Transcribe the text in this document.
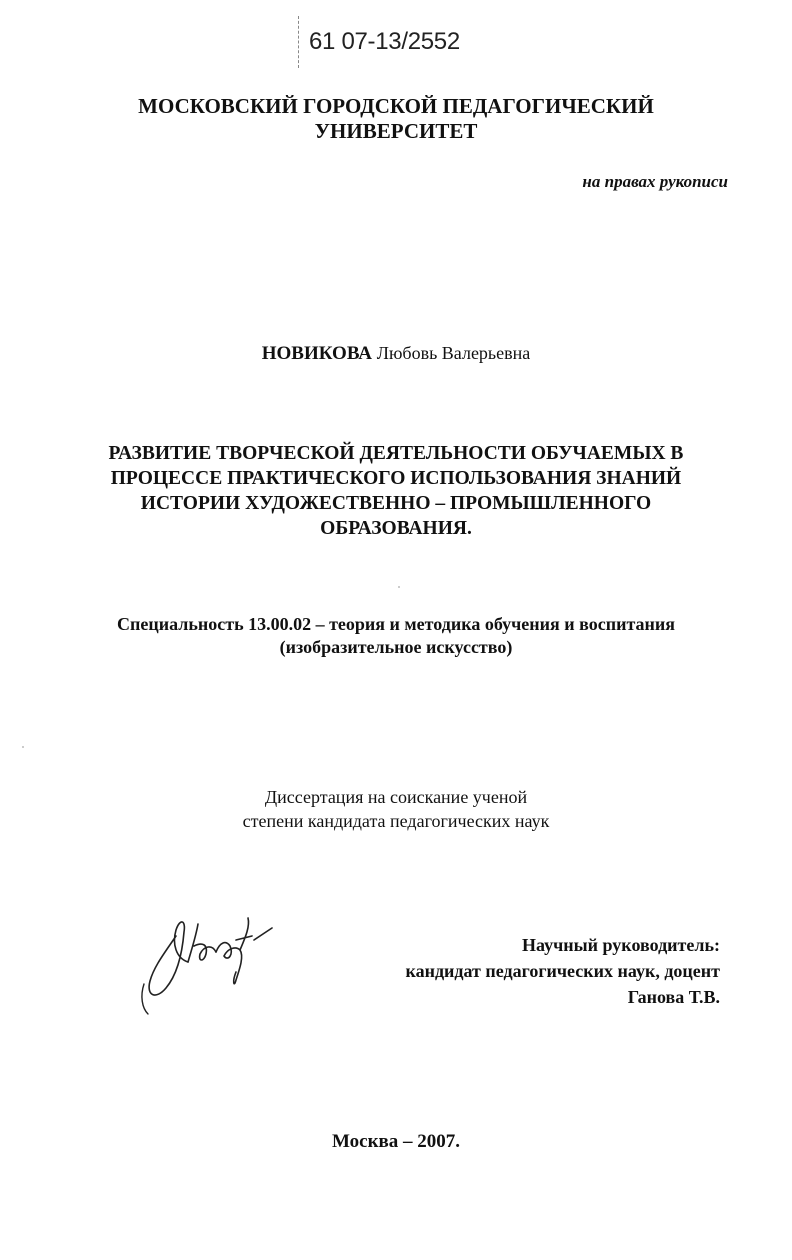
61 07-13/2552
МОСКОВСКИЙ ГОРОДСКОЙ ПЕДАГОГИЧЕСКИЙ
УНИВЕРСИТЕТ
на правах рукописи
НОВИКОВА Любовь Валерьевна
РАЗВИТИЕ ТВОРЧЕСКОЙ ДЕЯТЕЛЬНОСТИ ОБУЧАЕМЫХ В
ПРОЦЕССЕ ПРАКТИЧЕСКОГО ИСПОЛЬЗОВАНИЯ ЗНАНИЙ
ИСТОРИИ ХУДОЖЕСТВЕННО – ПРОМЫШЛЕННОГО
ОБРАЗОВАНИЯ.
Специальность 13.00.02 – теория и методика обучения и воспитания
(изобразительное искусство)
Диссертация на соискание ученой
степени кандидата педагогических наук
Научный руководитель:
кандидат педагогических наук, доцент
Ганова Т.В.
Москва – 2007.
